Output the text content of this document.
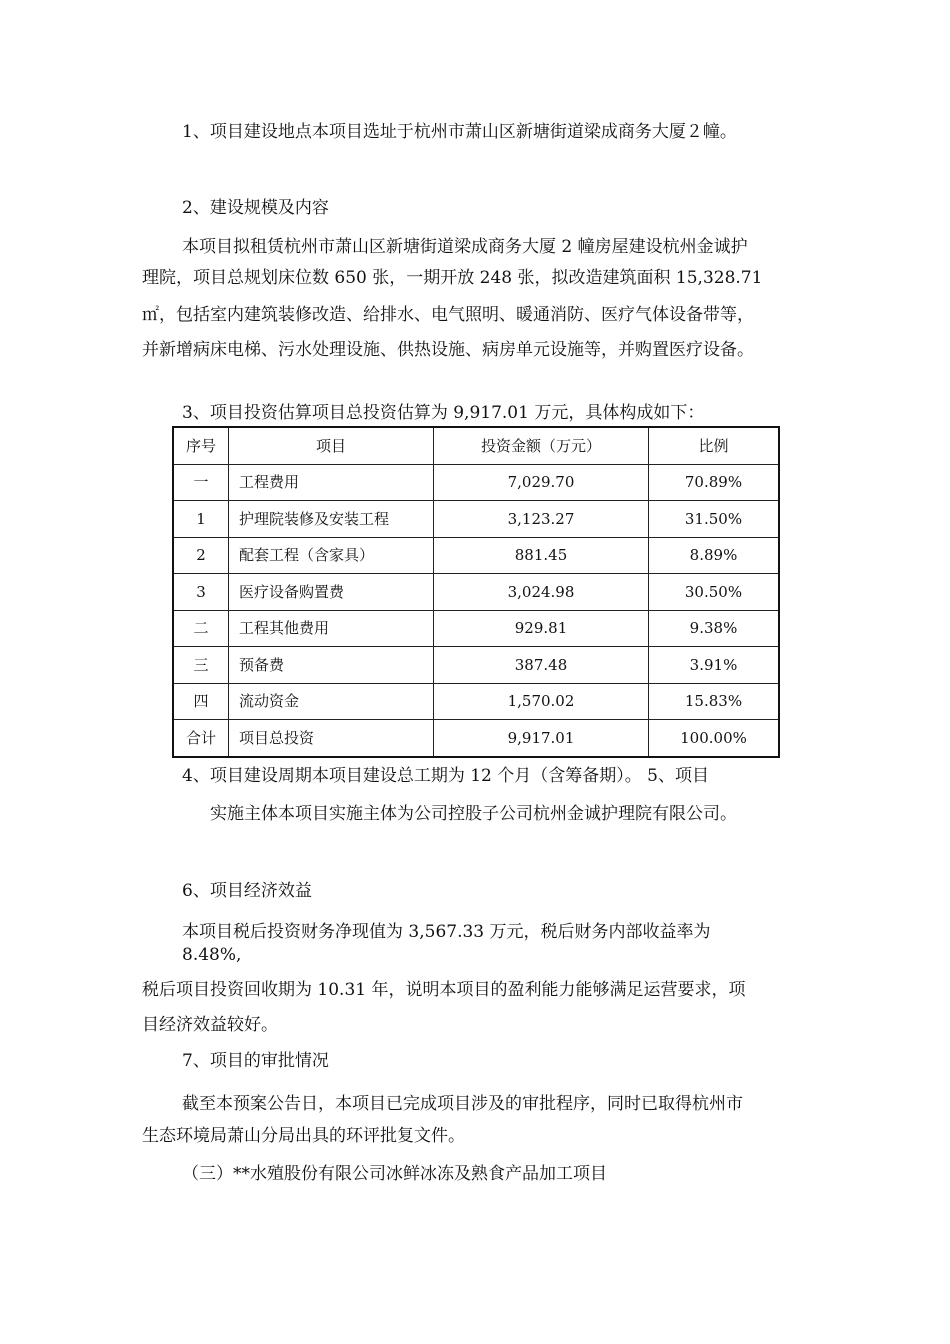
1、项目建设地点本项目选址于杭州市萧山区新塘街道梁成商务大厦２幢。
2、建设规模及内容
本项目拟租赁杭州市萧山区新塘街道梁成商务大厦 2 幢房屋建设杭州金诚护
理院，项目总规划床位数 650 张，一期开放 248 张，拟改造建筑面积 15,328.71
㎡，包括室内建筑装修改造、给排水、电气照明、暖通消防、医疗气体设备带等，
并新增病床电梯、污水处理设施、供热设施、病房单元设施等，并购置医疗设备。
3、项目投资估算项目总投资估算为 9,917.01 万元，具体构成如下：
序号	项目	投资金额（万元）	比例
一	工程费用	7,029.70	70.89%
1	护理院装修及安装工程	3,123.27	31.50%
2	配套工程（含家具）	881.45	8.89%
3	医疗设备购置费	3,024.98	30.50%
二	工程其他费用	929.81	9.38%
三	预备费	387.48	3.91%
四	流动资金	1,570.02	15.83%
合计	项目总投资	9,917.01	100.00%
4、项目建设周期本项目建设总工期为 12 个月（含筹备期）。 5、项目
实施主体本项目实施主体为公司控股子公司杭州金诚护理院有限公司。
6、项目经济效益
本项目税后投资财务净现值为 3,567.33 万元，税后财务内部收益率为
8.48%,
税后项目投资回收期为 10.31 年，说明本项目的盈利能力能够满足运营要求，项
目经济效益较好。
7、项目的审批情况
截至本预案公告日，本项目已完成项目涉及的审批程序，同时已取得杭州市
生态环境局萧山分局出具的环评批复文件。
（三）**水殖股份有限公司冰鲜冰冻及熟食产品加工项目
